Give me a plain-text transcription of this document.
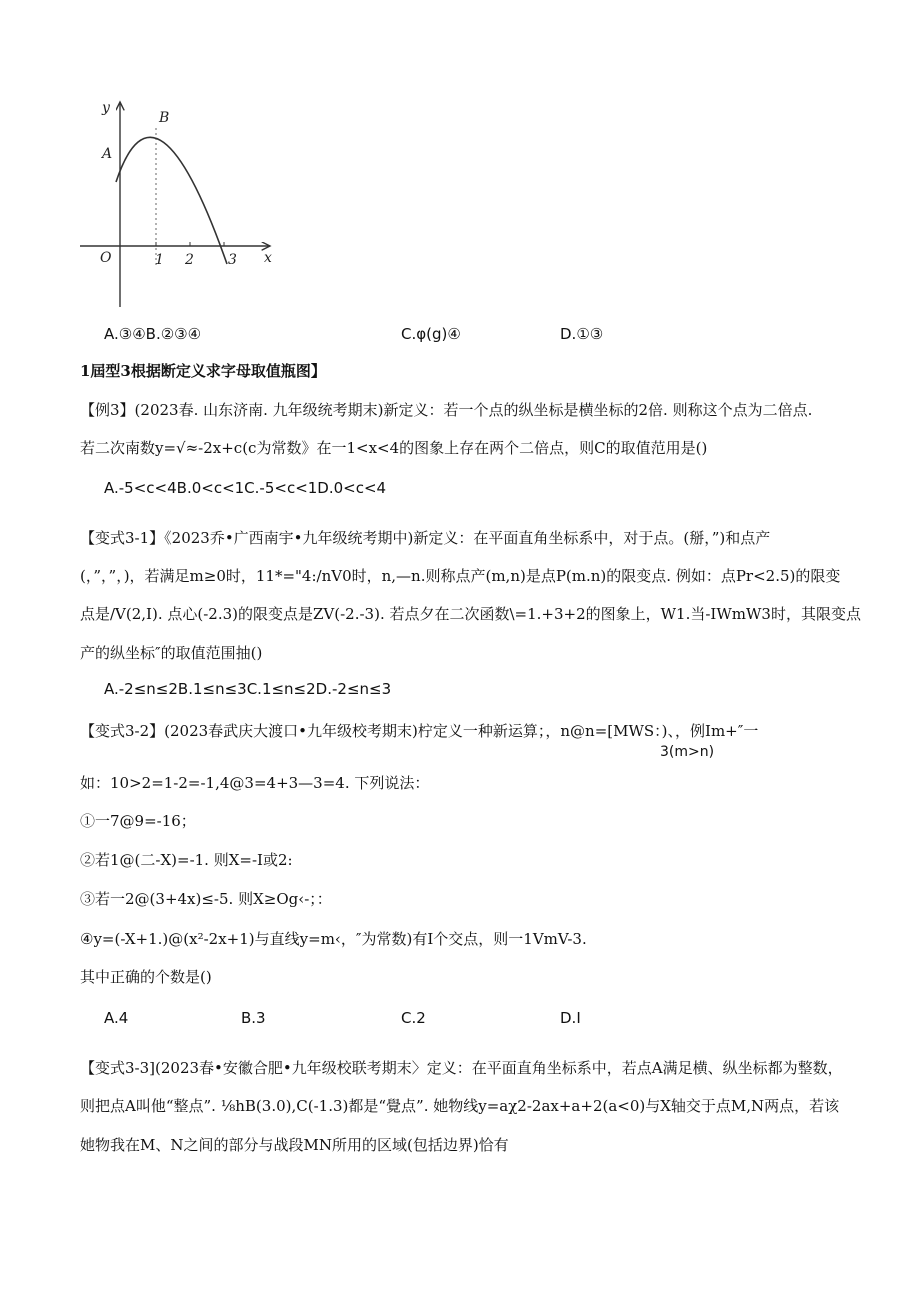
y
x
O
A
B
1 2 3
A.③④B.②③④	C.φ(g)④	D.①③
1屆型3根据断定义求字母取值瓶图】
【例3】(2023春. 山东济南. 九年级统考期末)新定义：若一个点的纵坐标是横坐标的2倍. 则称这个点为二倍点.
若二次南数y=√≈-2x+c(c为常数》在一1<x<4的图象上存在两个二倍点，则C的取值范用是()
A.-5<c<4B.0<c<1C.-5<c<1D.0<c<4
【变式3-1】《2023乔•广西南宇•九年级统考期中)新定义：在平面直角坐标系中，对于点。(掰，”)和点产
(，”，”，)，若满足m≥0时，11*="4:/nV0时，n,—n.则称点产(m,n)是点P(m.n)的限变点. 例如：点Pr<2.5)的限变
点是/V(2,I). 点心(-2.3)的限变点是ZV(-2.-3). 若点夕在二次函数\=1.+3+2的图象上，W1.当-IWmW3时，其限变点
产的纵坐标″的取值范围抽()
A.-2≤n≤2B.1≤n≤3C.1≤n≤2D.-2≤n≤3
【变式3-2】(2023春武庆大渡口•九年级校考期末)柠定义一种新运算；，n@n=[MWS：)、，例Im+″一
3(m>n)
如：10>2=1-2=-1,4@3=4+3—3=4. 下列说法：
①一7@9=-16；
②若1@(二-X)=-1. 则X=-I或2:
③若一2@(3+4x)≤-5. 则X≥Og‹-；：
④y=(-X+1.)@(x²-2x+1)与直线y=m‹，″为常数)有I个交点，则一1VmV-3.
其中正确的个数是()
A.4	B.3	C.2	D.I
【变式3-3](2023春•安徽合肥•九年级校联考期末〉定义：在平面直角坐标系中，若点A满足横、纵坐标都为整数，
则把点A叫他“整点”. ⅛hB(3.0),C(-1.3)都是“覺点”. 她物线y=aχ2-2ax+a+2(a<0)与X轴交于点M,N两点，若该
她物我在M、N之间的部分与战段MN所用的区域(包括边界)恰有
